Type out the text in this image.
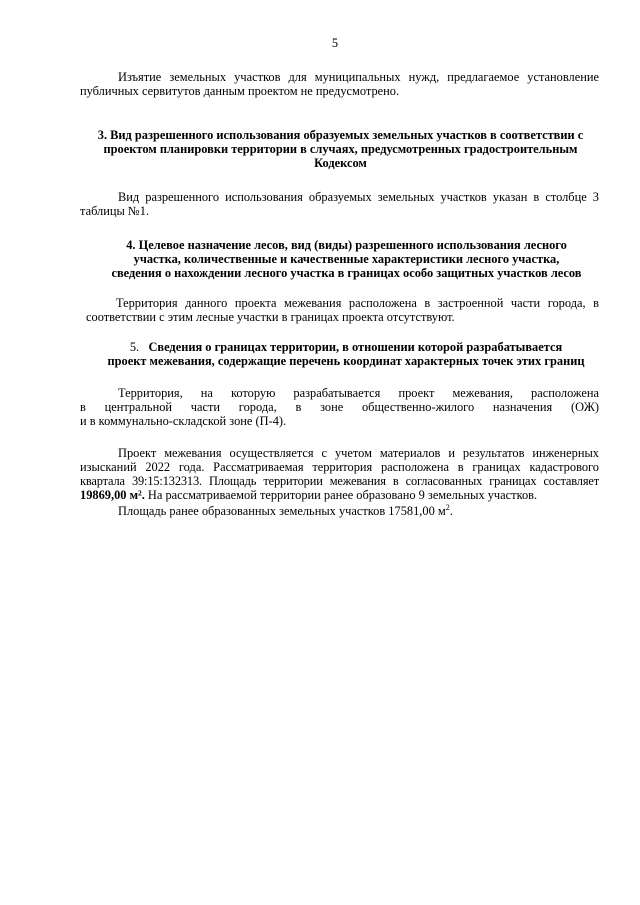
5

Изъятие земельных участков для муниципальных нужд, предлагаемое установление публичных сервитутов данным проектом не предусмотрено.

3. Вид разрешенного использования образуемых земельных участков в соответствии с
проектом планировки территории в случаях, предусмотренных градостроительным
Кодексом

Вид разрешенного использования образуемых земельных участков указан в столбце 3 таблицы №1.

4. Целевое назначение лесов, вид (виды) разрешенного использования лесного
участка, количественные и качественные характеристики лесного участка,
сведения о нахождении лесного участка в границах особо защитных участков лесов

Территория данного проекта межевания расположена в застроенной части города, в
соответствии с этим лесные участки в границах проекта отсутствуют.

5. Сведения о границах территории, в отношении которой разрабатывается
проект межевания, содержащие перечень координат характерных точек этих границ

Территория, на которую разрабатывается проект межевания, расположена
в центральной части города, в зоне общественно-жилого назначения (ОЖ)
и в коммунально-складской зоне (П-4).

Проект межевания осуществляется с учетом материалов и результатов инженерных
изысканий 2022 года. Рассматриваемая территория расположена в границах кадастрового
квартала 39:15:132313. Площадь территории межевания в согласованных границах составляет
19869,00 м². На рассматриваемой территории ранее образовано 9 земельных участков.

Площадь ранее образованных земельных участков 17581,00 $м^2$.
